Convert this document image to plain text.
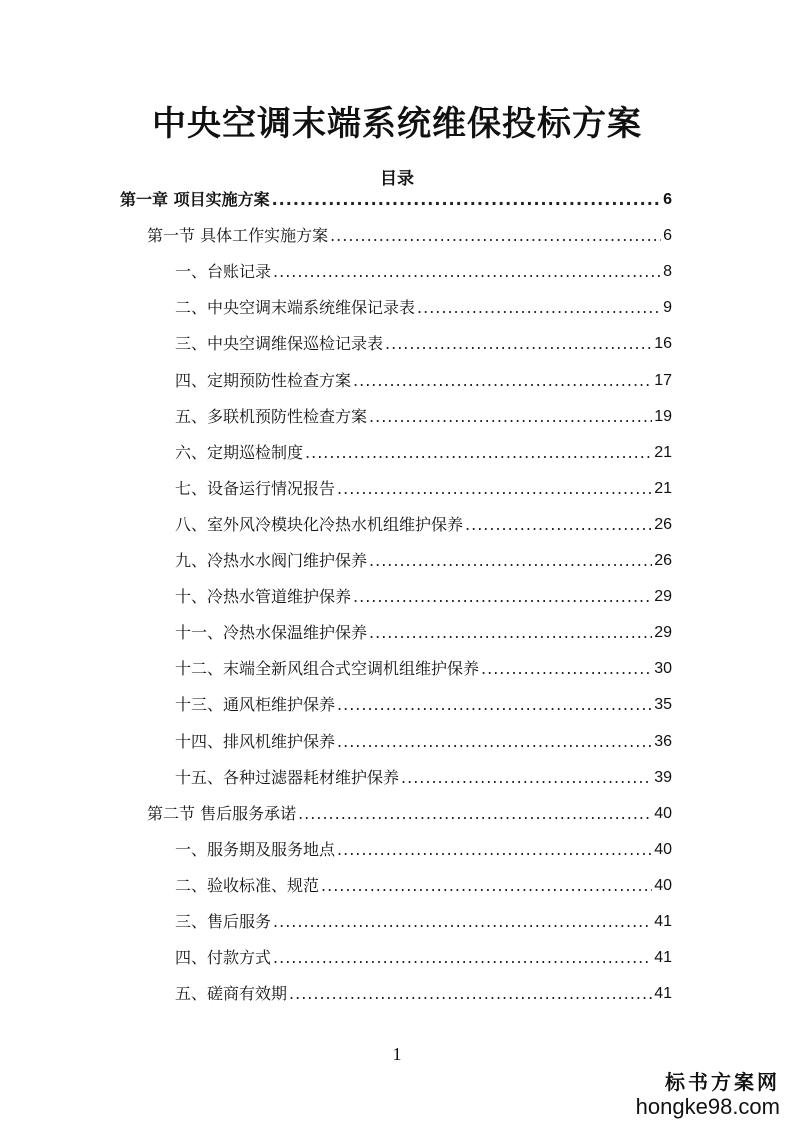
中央空调末端系统维保投标方案
目录
第一章 项目实施方案 .....	6
第一节 具体工作实施方案 .....	6
一、台账记录 .....	8
二、中央空调末端系统维保记录表 .....	9
三、中央空调维保巡检记录表 .....	16
四、定期预防性检查方案 .....	17
五、多联机预防性检查方案 .....	19
六、定期巡检制度 .....	21
七、设备运行情况报告 .....	21
八、室外风冷模块化冷热水机组维护保养 .....	26
九、冷热水水阀门维护保养 .....	26
十、冷热水管道维护保养 .....	29
十一、冷热水保温维护保养 .....	29
十二、末端全新风组合式空调机组维护保养 .....	30
十三、通风柜维护保养 .....	35
十四、排风机维护保养 .....	36
十五、各种过滤器耗材维护保养 .....	39
第二节 售后服务承诺 .....	40
一、服务期及服务地点 .....	40
二、验收标准、规范 .....	40
三、售后服务 .....	41
四、付款方式 .....	41
五、磋商有效期 .....	41
1
标书方案网
hongke98.com
